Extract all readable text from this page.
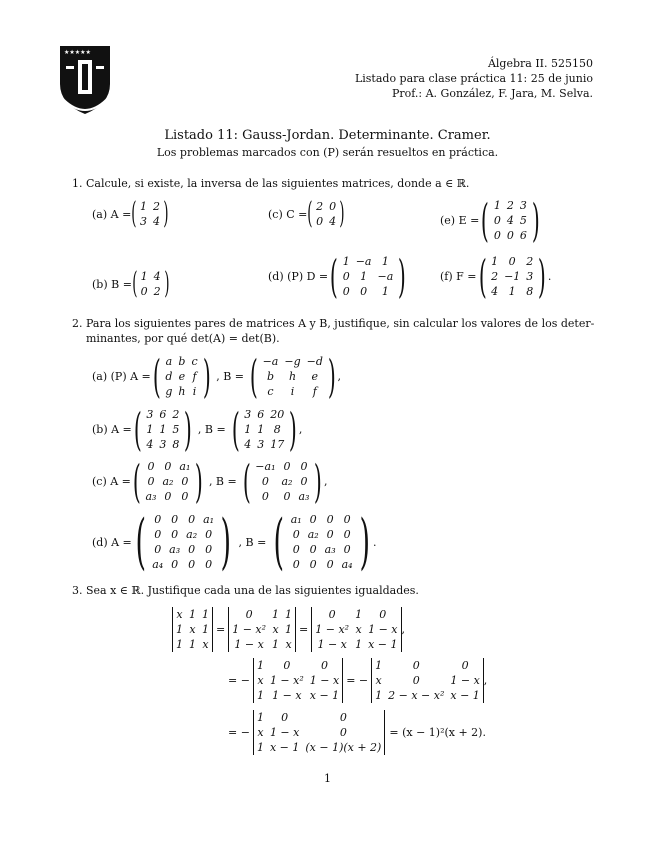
★★★★★
Álgebra II. 525150
Listado para clase práctica 11: 25 de junio
Prof.: A. González, F. Jara, M. Selva.
Listado 11: Gauss-Jordan. Determinante. Cramer.
Los problemas marcados con (P) serán resueltos en práctica.
1. Calcule, si existe, la inversa de las siguientes matrices, donde a ∈ ℝ.
(a) A = ( 1	2
3	4 )	(c) C = ( 2	0
0	4 )	(e) E = ( 1	2	3
0	4	5
0	0	6 )
(b) B = ( 1	4
0	2 )	(d) (P) D = ( 1	−a	1
0	1	−a
0	0	1 )	(f) F = ( 1	0	2
2	−1	3
4	1	8 ) .
2. Para los siguientes pares de matrices A y B, justifique, sin calcular los valores de los deter-
minantes, por qué det(A) = det(B).
(a) (P) A = ( a	b	c
d	e	f
g	h	i ) , B = ( −a	−g	−d
b	h	e
c	i	f ) ,
(b) A = ( 3	6	2
1	1	5
4	3	8 ) , B = ( 3	6	20
1	1	8
4	3	17 ) ,
(c) A = ( 0	0	a₁
0	a₂	0
a₃	0	0 ) , B = ( −a₁	0	0
0	a₂	0
0	0	a₃ ) ,
(d) A = ( 0	0	0	a₁
0	0	a₂	0
0	a₃	0	0
a₄	0	0	0 ) , B = ( a₁	0	0	0
0	a₂	0	0
0	0	a₃	0
0	0	0	a₄ ) .
3. Sea x ∈ ℝ. Justifique cada una de las siguientes igualdades.
x	1	1
1	x	1
1	1	x
=
0	1	1
1 − x²	x	1
1 − x	1	x
=
0	1	0
1 − x²	x	1 − x
1 − x	1	x − 1
,
= −
1	0	0
x	1 − x²	1 − x
1	1 − x	x − 1
= −
1	0	0
x	0	1 − x
1	2 − x − x²	x − 1
,
= −
1	0	0
x	1 − x	0
1	x − 1	(x − 1)(x + 2)
= (x − 1)²(x + 2).
1
